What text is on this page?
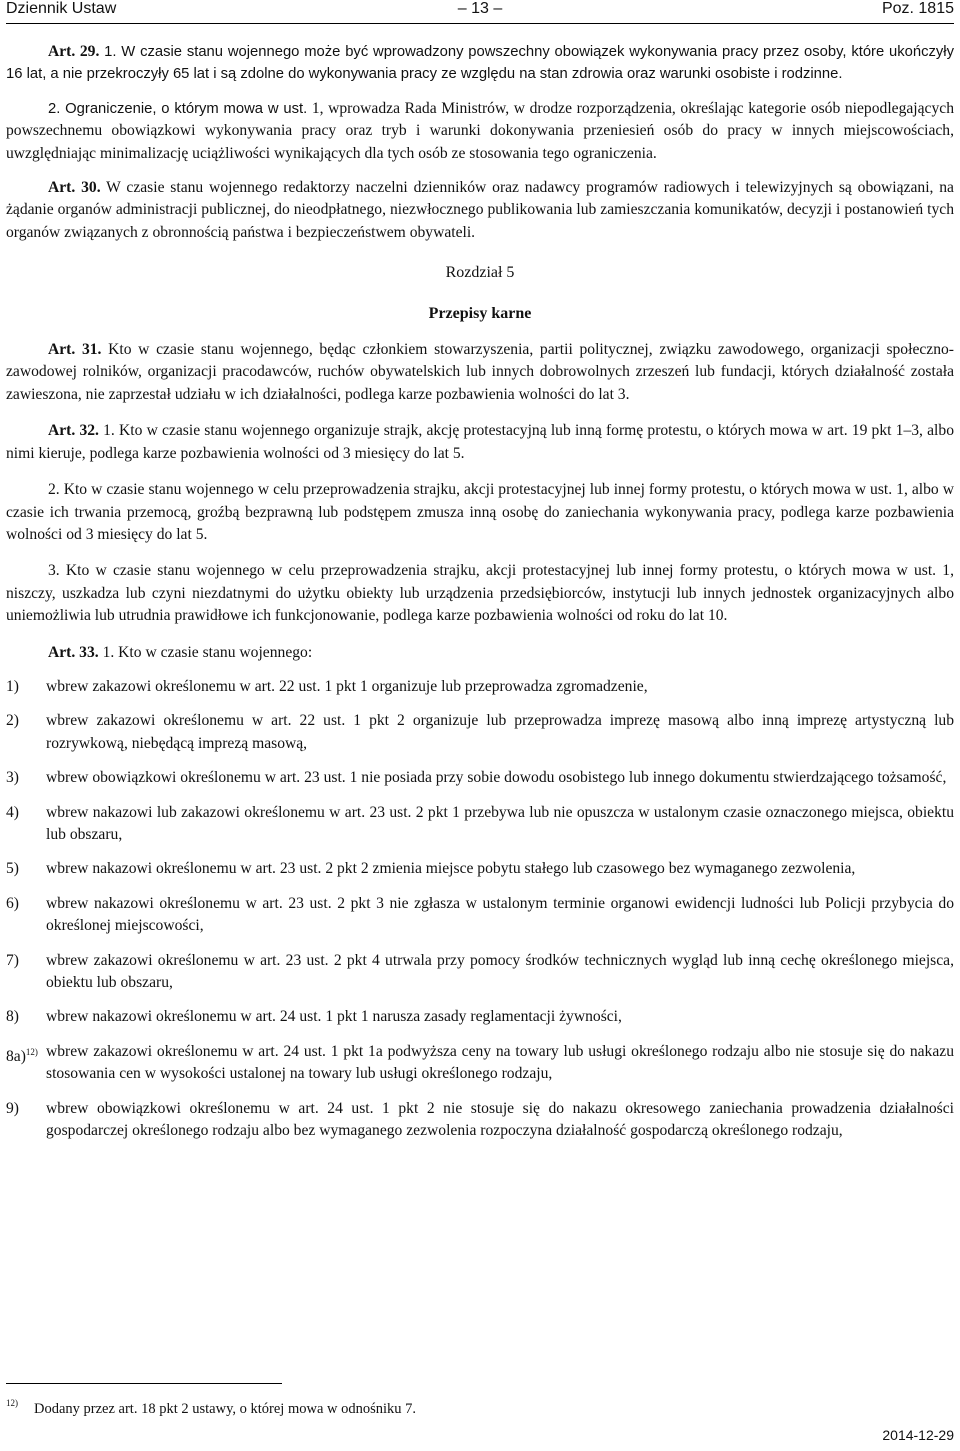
Dziennik Ustaw	– 13 –	Poz. 1815

Art. 29. 1. W czasie stanu wojennego może być wprowadzony powszechny obowiązek wykonywania pracy przez osoby, które ukończyły 16 lat, a nie przekroczyły 65 lat i są zdolne do wykonywania pracy ze względu na stan zdrowia oraz warunki osobiste i rodzinne.

2. Ograniczenie, o którym mowa w ust. 1, wprowadza Rada Ministrów, w drodze rozporządzenia, określając kategorie osób niepodlegających powszechnemu obowiązkowi wykonywania pracy oraz tryb i warunki dokonywania przeniesień osób do pracy w innych miejscowościach, uwzględniając minimalizację uciążliwości wynikających dla tych osób ze stosowania tego ograniczenia.

Art. 30. W czasie stanu wojennego redaktorzy naczelni dzienników oraz nadawcy programów radiowych i telewizyjnych są obowiązani, na żądanie organów administracji publicznej, do nieodpłatnego, niezwłocznego publikowania lub zamieszczania komunikatów, decyzji i postanowień tych organów związanych z obronnością państwa i bezpieczeństwem obywateli.

Rozdział 5

Przepisy karne

Art. 31. Kto w czasie stanu wojennego, będąc członkiem stowarzyszenia, partii politycznej, związku zawodowego, organizacji społeczno-zawodowej rolników, organizacji pracodawców, ruchów obywatelskich lub innych dobrowolnych zrzeszeń lub fundacji, których działalność została zawieszona, nie zaprzestał udziału w ich działalności, podlega karze pozbawienia wolności do lat 3.

Art. 32. 1. Kto w czasie stanu wojennego organizuje strajk, akcję protestacyjną lub inną formę protestu, o których mowa w art. 19 pkt 1–3, albo nimi kieruje, podlega karze pozbawienia wolności od 3 miesięcy do lat 5.

2. Kto w czasie stanu wojennego w celu przeprowadzenia strajku, akcji protestacyjnej lub innej formy protestu, o których mowa w ust. 1, albo w czasie ich trwania przemocą, groźbą bezprawną lub podstępem zmusza inną osobę do zaniechania wykonywania pracy, podlega karze pozbawienia wolności od 3 miesięcy do lat 5.

3. Kto w czasie stanu wojennego w celu przeprowadzenia strajku, akcji protestacyjnej lub innej formy protestu, o których mowa w ust. 1, niszczy, uszkadza lub czyni niezdatnymi do użytku obiekty lub urządzenia przedsiębiorców, instytucji lub innych jednostek organizacyjnych albo uniemożliwia lub utrudnia prawidłowe ich funkcjonowanie, podlega karze pozbawienia wolności od roku do lat 10.

Art. 33. 1. Kto w czasie stanu wojennego:

1) wbrew zakazowi określonemu w art. 22 ust. 1 pkt 1 organizuje lub przeprowadza zgromadzenie,
2) wbrew zakazowi określonemu w art. 22 ust. 1 pkt 2 organizuje lub przeprowadza imprezę masową albo inną imprezę artystyczną lub rozrywkową, niebędącą imprezą masową,
3) wbrew obowiązkowi określonemu w art. 23 ust. 1 nie posiada przy sobie dowodu osobistego lub innego dokumentu stwierdzającego tożsamość,
4) wbrew nakazowi lub zakazowi określonemu w art. 23 ust. 2 pkt 1 przebywa lub nie opuszcza w ustalonym czasie oznaczonego miejsca, obiektu lub obszaru,
5) wbrew nakazowi określonemu w art. 23 ust. 2 pkt 2 zmienia miejsce pobytu stałego lub czasowego bez wymaganego zezwolenia,
6) wbrew nakazowi określonemu w art. 23 ust. 2 pkt 3 nie zgłasza w ustalonym terminie organowi ewidencji ludności lub Policji przybycia do określonej miejscowości,
7) wbrew zakazowi określonemu w art. 23 ust. 2 pkt 4 utrwala przy pomocy środków technicznych wygląd lub inną cechę określonego miejsca, obiektu lub obszaru,
8) wbrew nakazowi określonemu w art. 24 ust. 1 pkt 1 narusza zasady reglamentacji żywności,
8a)$^{12)}$ wbrew zakazowi określonemu w art. 24 ust. 1 pkt 1a podwyższa ceny na towary lub usługi określonego rodzaju albo nie stosuje się do nakazu stosowania cen w wysokości ustalonej na towary lub usługi określonego rodzaju,
9) wbrew obowiązkowi określonemu w art. 24 ust. 1 pkt 2 nie stosuje się do nakazu okresowego zaniechania prowadzenia działalności gospodarczej określonego rodzaju albo bez wymaganego zezwolenia rozpoczyna działalność gospodarczą określonego rodzaju,
12) Dodany przez art. 18 pkt 2 ustawy, o której mowa w odnośniku 7.
2014-12-29
